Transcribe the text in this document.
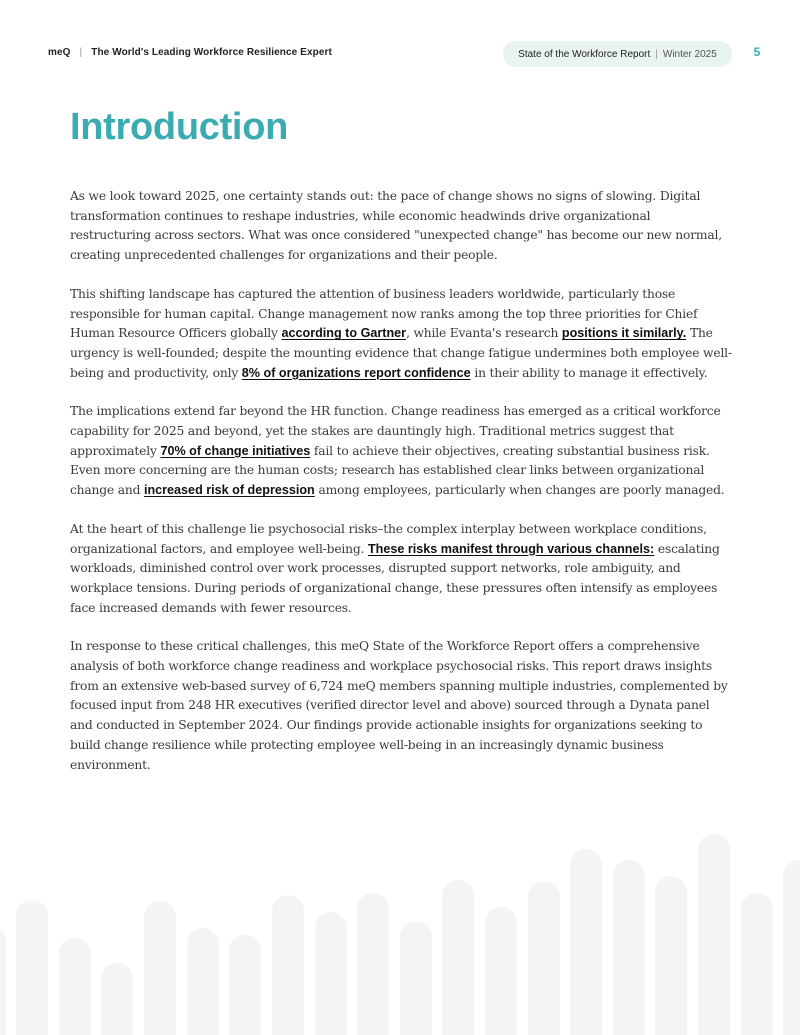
meQ | The World's Leading Workforce Resilience Expert	State of the Workforce Report | Winter 2025	5
Introduction

As we look toward 2025, one certainty stands out: the pace of change shows no signs of slowing. Digital transformation continues to reshape industries, while economic headwinds drive organizational restructuring across sectors. What was once considered "unexpected change" has become our new normal, creating unprecedented challenges for organizations and their people.

This shifting landscape has captured the attention of business leaders worldwide, particularly those responsible for human capital. Change management now ranks among the top three priorities for Chief Human Resource Officers globally according to Gartner, while Evanta's research positions it similarly. The urgency is well-founded; despite the mounting evidence that change fatigue undermines both employee well-being and productivity, only 8% of organizations report confidence in their ability to manage it effectively.

The implications extend far beyond the HR function. Change readiness has emerged as a critical workforce capability for 2025 and beyond, yet the stakes are dauntingly high. Traditional metrics suggest that approximately 70% of change initiatives fail to achieve their objectives, creating substantial business risk. Even more concerning are the human costs; research has established clear links between organizational change and increased risk of depression among employees, particularly when changes are poorly managed.

At the heart of this challenge lie psychosocial risks–the complex interplay between workplace conditions, organizational factors, and employee well-being. These risks manifest through various channels: escalating workloads, diminished control over work processes, disrupted support networks, role ambiguity, and workplace tensions. During periods of organizational change, these pressures often intensify as employees face increased demands with fewer resources.

In response to these critical challenges, this meQ State of the Workforce Report offers a comprehensive analysis of both workforce change readiness and workplace psychosocial risks. This report draws insights from an extensive web-based survey of 6,724 meQ members spanning multiple industries, complemented by focused input from 248 HR executives (verified director level and above) sourced through a Dynata panel and conducted in September 2024. Our findings provide actionable insights for organizations seeking to build change resilience while protecting employee well-being in an increasingly dynamic business environment.
